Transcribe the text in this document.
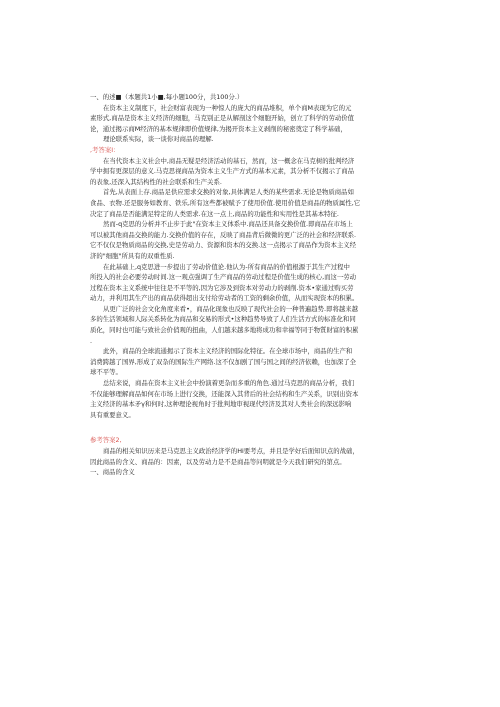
一、的述■（本题共1小■,每小题100分，共100分.）
在资本主义制度下，社会财富表现为一种惊人的庞大的商品堆积，单个商M表现为它的元
素形式,商品是资本主义经济的细胞，马克别正是从解剖这个细胞开始，创立了科学的劳动价值
论，通过揭示商M经济的基本规律即价值规律,为揭开资本主义剥削的秘密奠定了科学基础，
理论联系实际，谈一谈你对商品的理解.
,考答案I：
在当代资本主义社会中,商品无疑是经济活动的基石，然而，这一概念在马克树的批判经济
学中拥有更深层的意义.马克思视商品为资本主义生产方式的基本元素，其分析不仅揭示了商品
的表象,还深入其结构性的社会联系和生产关系.
首先,从表面上存.商品足供应需求交换的对象,具体满足人类的某些需求.无论是物质商品如
食品、衣物.还是服务如教育、铁乐,所有这些都被赋予了使用价值.使用价值是商品的物质属性,它
决定了商品是否能满足特定的人类需求.在这一点上,商品的功能性和实用性是其基本特征.
然而-q克思的分析并不止步于此"在资本主义体系中.商品还具备交换价值.即商品在市场上
可以被其他商品交换的能力.交换价值的存在，反映了商品背后微微的更广泛的社会和经济联系.
它不仅仅是物质商品的交换,史是劳动力、资源和资本的交换.这一点揭示了商品作为资本主义经
济的"细胞"所具有的双重性质.
在此基础上,q克思进一步提出了劳动价值论.他认为-所有商品的价值根源于其生产过程中
所投入的社会必要劳动时间.这一观点强调了生产商品的劳动过程是价值生成的核心,而这一劳动
过程在资本主义系统中往往是不平等的,因为它涉及到资本对劳动力的剥削.资本•家通过购买劳
动力，并利用其生产出的商品获得超出支付给劳动者的工资的剩余价值，从而实现资本的积累。
从更广泛的社会文化角度来看•，商品化现象也反映了现代社会的一种普遍趋势.即将越来越
多的生活领域和人际关系转化为商品和交易的形式•这种趋势导致了人们生活方式的标准化和同
质化，同时也可能与致社会价俏观的扭曲，人们越来越多地将成功和幸福等同于物質財富的积累
.
此外，商品的全球流通揭示了资本主义经济的国际化特征。在全球市场中，商品的生产和
消费跨越了国界,形成了双杂的国际生产网络.这不仅加剧了国与国之间的经济依赖，也加深了全
球不平等。
总结来说，商品在资本主义社会中扮演着更杂而多重的角色.通过马克思的商品分析，我们
不仅能够理解商品如何在市场上进行交换，还能深入其背后的社会结构和生产关系，识别出资本
主义经济的基本矛γ和何时,这种理论视角时于批判地审视现代经济及其对人类社会的深远影响
具有重要意义。
参考答案2,
商品的相关知识历来是马克思主义政治经济学的Hi要考点，并且是学好后面知识点的战础，
因此商品的含义、商品的：因素，以及劳动力是不是商品等问明就是今天我们研究的第点。
一、商品的含义
